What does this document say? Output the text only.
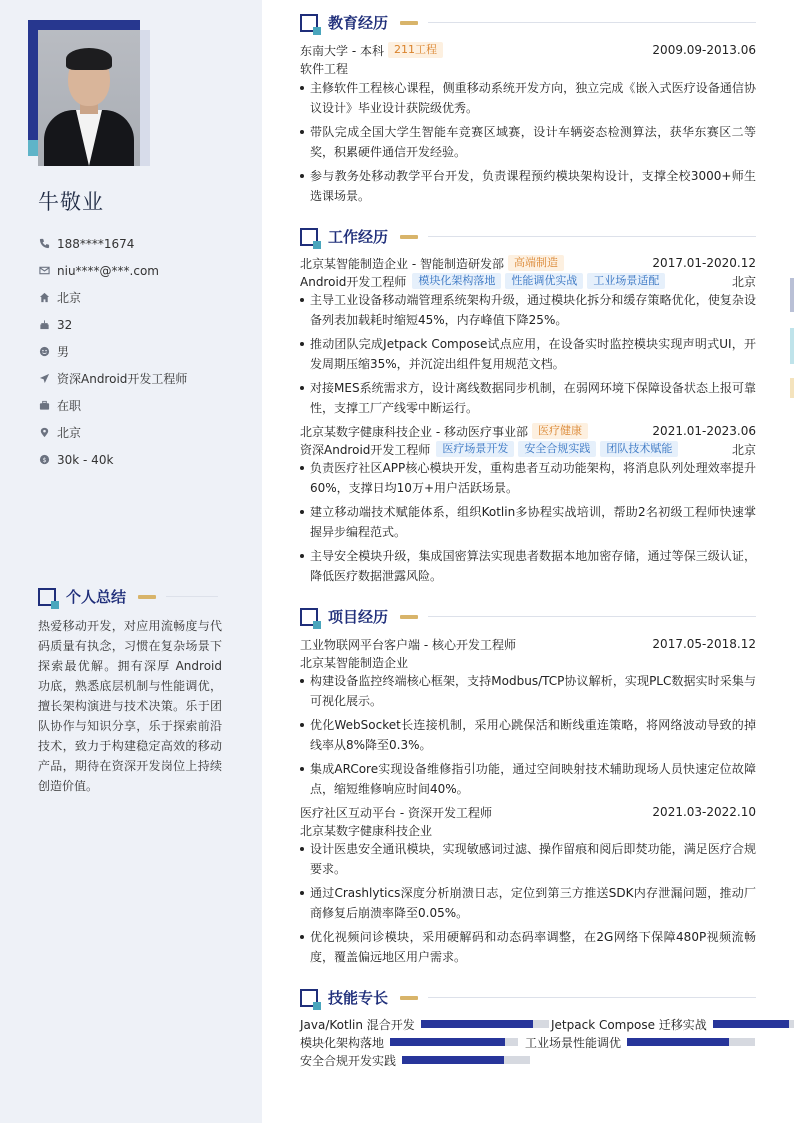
牛敬业
188****1674
niu****@***.com
北京
32
男
资深Android开发工程师
在职
北京
$ 30k - 40k
个人总结
热爱移动开发，对应用流畅度与代码质量有执念，习惯在复杂场景下探索最优解。拥有深厚 Android 功底，熟悉底层机制与性能调优，擅长架构演进与技术决策。乐于团队协作与知识分享，乐于探索前沿技术，致力于构建稳定高效的移动产品，期待在资深开发岗位上持续创造价值。
教育经历
东南大学 - 本科 211工程	2009.09-2013.06
软件工程
主修软件工程核心课程，侧重移动系统开发方向，独立完成《嵌入式医疗设备通信协议设计》毕业设计获院级优秀。
带队完成全国大学生智能车竞赛区域赛，设计车辆姿态检测算法，获华东赛区二等奖，积累硬件通信开发经验。
参与教务处移动教学平台开发，负责课程预约模块架构设计，支撑全校3000+师生选课场景。
工作经历
北京某智能制造企业 - 智能制造研发部 高端制造	2017.01-2020.12
Android开发工程师	模块化架构落地	性能调优实战	工业场景适配	北京
主导工业设备移动端管理系统架构升级，通过模块化拆分和缓存策略优化，使复杂设备列表加载耗时缩短45%，内存峰值下降25%。
推动团队完成Jetpack Compose试点应用，在设备实时监控模块实现声明式UI，开发周期压缩35%，并沉淀出组件复用规范文档。
对接MES系统需求方，设计离线数据同步机制，在弱网环境下保障设备状态上报可靠性，支撑工厂产线零中断运行。
北京某数字健康科技企业 - 移动医疗事业部 医疗健康	2021.01-2023.06
资深Android开发工程师	医疗场景开发	安全合规实践	团队技术赋能	北京
负责医疗社区APP核心模块开发，重构患者互动功能架构，将消息队列处理效率提升60%，支撑日均10万+用户活跃场景。
建立移动端技术赋能体系，组织Kotlin多协程实战培训，帮助2名初级工程师快速掌握异步编程范式。
主导安全模块升级，集成国密算法实现患者数据本地加密存储，通过等保三级认证，降低医疗数据泄露风险。
项目经历
工业物联网平台客户端 - 核心开发工程师	2017.05-2018.12
北京某智能制造企业
构建设备监控终端核心框架，支持Modbus/TCP协议解析，实现PLC数据实时采集与可视化展示。
优化WebSocket长连接机制，采用心跳保活和断线重连策略，将网络波动导致的掉线率从8%降至0.3%。
集成ARCore实现设备维修指引功能，通过空间映射技术辅助现场人员快速定位故障点，缩短维修响应时间40%。
医疗社区互动平台 - 资深开发工程师	2021.03-2022.10
北京某数字健康科技企业
设计医患安全通讯模块，实现敏感词过滤、操作留痕和阅后即焚功能，满足医疗合规要求。
通过Crashlytics深度分析崩溃日志，定位到第三方推送SDK内存泄漏问题，推动厂商修复后崩溃率降至0.05%。
优化视频问诊模块，采用硬解码和动态码率调整，在2G网络下保障480P视频流畅度，覆盖偏远地区用户需求。
技能专长
Java/Kotlin 混合开发	Jetpack Compose 迁移实战
模块化架构落地	工业场景性能调优
安全合规开发实践
